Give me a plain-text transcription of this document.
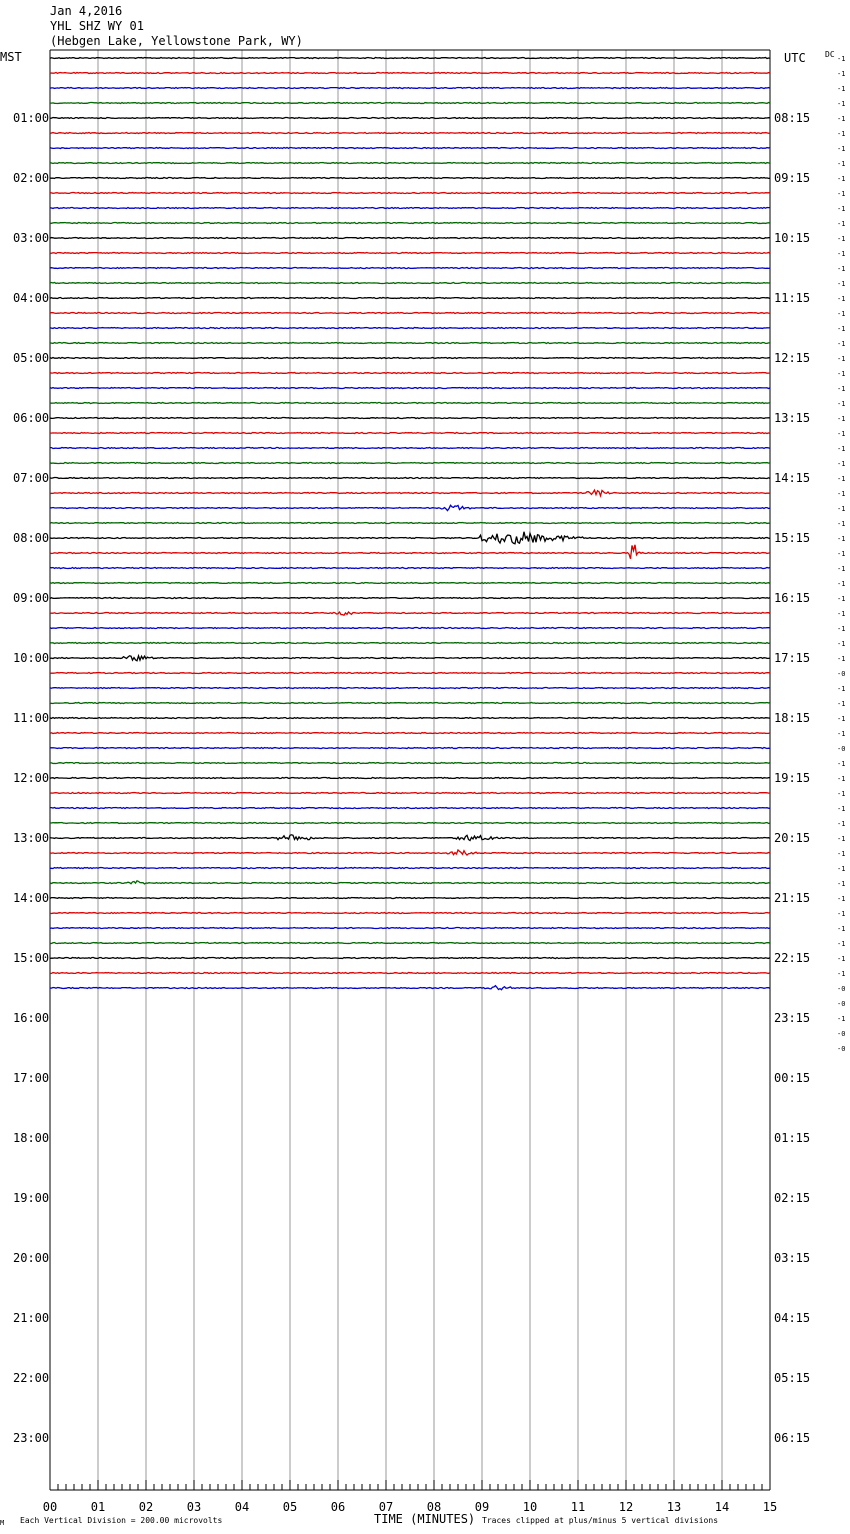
Jan 4,2016
YHL SHZ WY 01
(Hebgen Lake, Yellowstone Park, WY)
01:00
02:00
03:00
04:00
05:00
06:00
07:00
08:00
09:00
10:00
11:00
12:00
13:00
14:00
15:00
16:00
17:00
18:00
19:00
20:00
21:00
22:00
23:00
UTC
08:15
09:15
10:15
11:15
12:15
13:15
14:15
15:15
16:15
17:15
18:15
19:15
20:15
21:15
22:15
23:15
00:15
01:15
02:15
03:15
04:15
05:15
06:15
-1
-1
-1
-1
-1
-1
-1
-1
-1
-1
-1
-1
-1
-1
-1
-1
-1
-1
-1
-1
-1
-1
-1
-1
-1
-1
-1
-1
-1
-1
-1
-1
-1
-1
-1
-1
-1
-1
-1
-1
-1
-0
-1
-1
-1
-1
-0
-1
-1
-1
-1
-1
-1
-1
-1
-1
-1
-1
-1
-1
-1
-1
-0
-0
-1
-0
-0
00	01	02	03	04	05	06	07	08	09	10	11	12	13	14	15
MST	DC
TIME (MINUTES)
Each Vertical Division = 200.00 microvolts	Traces clipped at plus/minus 5 vertical divisions
M
